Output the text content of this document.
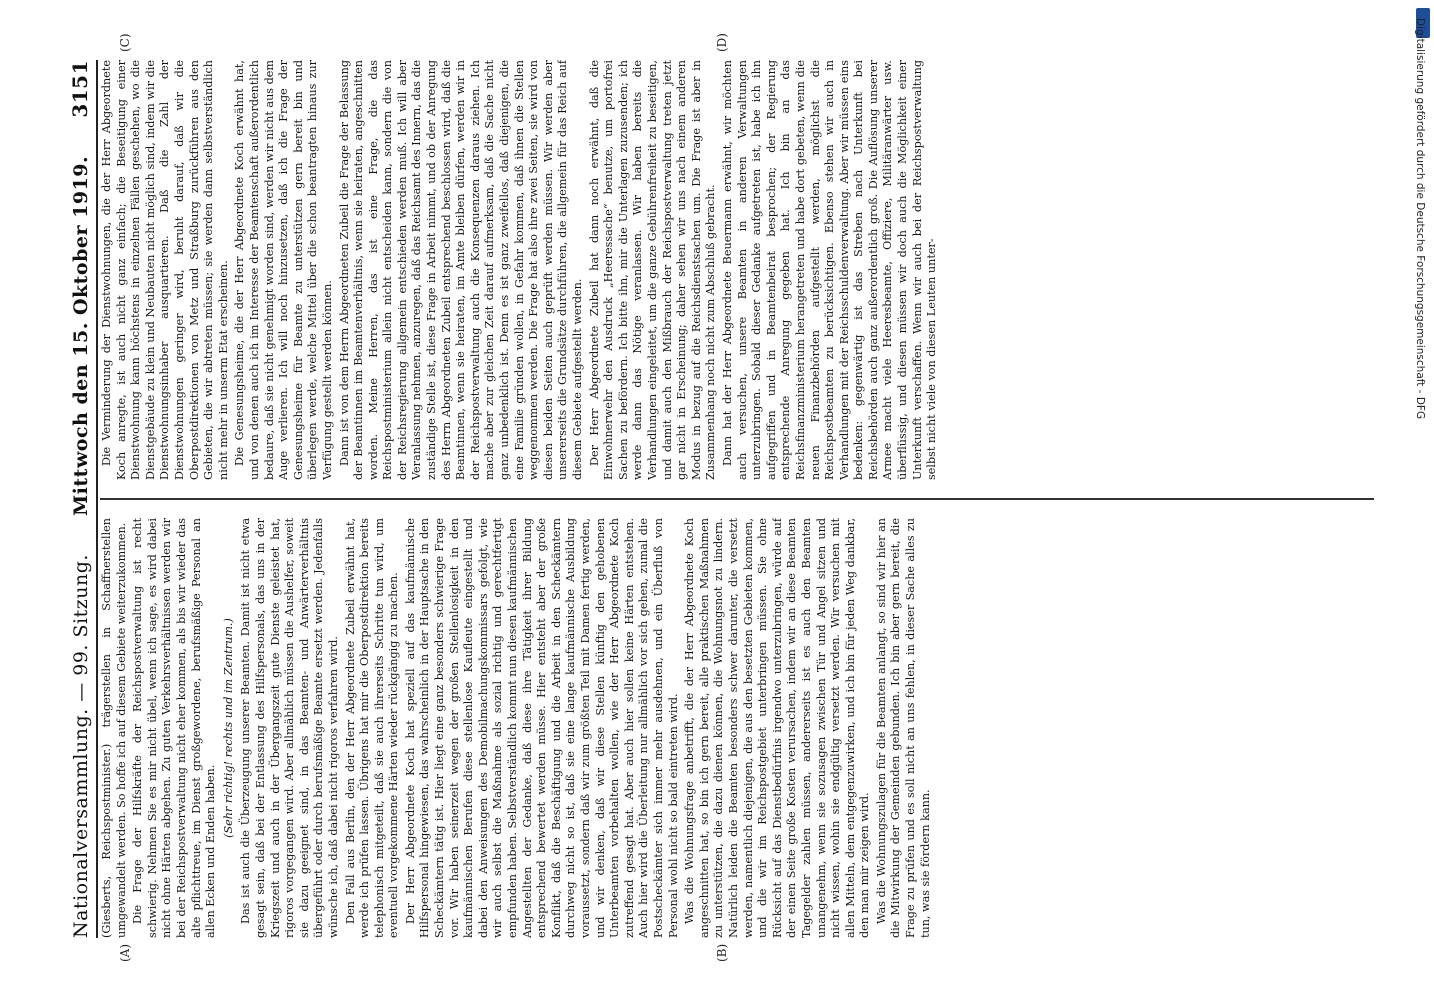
Nationalversammlung. — 99. Sitzung.
Mittwoch den 15. Oktober 1919.
3151
(A)	(B)
(C)	(D)

(Giesberts, Reichspostminister.) trägerstellen in Schaffnerstellen umgewandelt werden. So hoffe ich auf diesem Gebiete weiterzukommen. Die Frage der Hilfskräfte der Reichspostverwaltung ist recht schwierig. Nehmen Sie es mir nicht übel, wenn ich sage, es wird dabei nicht ohne Härten abgehen. Zu guten Verkehrsverhältnissen werden wir bei der Reichspostverwaltung nicht eher kommen, als bis wir wieder das alte pflichttreue, im Dienst großgewordene, berufsmäßige Personal an allen Ecken und Enden haben.

(Sehr richtig! rechts und im Zentrum.) Das ist auch die Überzeugung unserer Beamten. Damit ist nicht etwa gesagt sein, daß bei der Entlassung des Hilfspersonals, das uns in der Kriegszeit und auch in der Übergangszeit gute Dienste geleistet hat, rigoros vorgegangen wird. Aber allmählich müssen die Aushelfer, soweit sie dazu geeignet sind, in das Beamten- und Anwärterverhältnis übergeführt oder durch berufsmäßige Beamte ersetzt werden. Jedenfalls wünsche ich, daß dabei nicht rigoros verfahren wird. Den Fall aus Berlin, den der Herr Abgeordnete Zubeil erwähnt hat, werde ich prüfen lassen. Übrigens hat mir die Oberpostdirektion bereits telephonisch mitgeteilt, daß sie auch ihrerseits Schritte tun wird, um eventuell vorgekommene Härten wieder rückgängig zu machen. Der Herr Abgeordnete Koch hat speziell auf das kaufmännische Hilfspersonal hingewiesen, das wahrscheinlich in der Hauptsache in den Scheckämtern tätig ist. Hier liegt eine ganz besonders schwierige Frage vor. Wir haben seinerzeit wegen der großen Stellenlosigkeit in den kaufmännischen Berufen diese stellenlose Kaufleute eingestellt und dabei den Anweisungen des Demobilmachungskommissars gefolgt, wie wir auch selbst die Maßnahme als sozial richtig und gerechtfertigt empfunden haben. Selbstverständlich kommt nun diesen kaufmännischen Angestellten der Gedanke, daß diese ihre Tätigkeit ihrer Bildung entsprechend bewertet werden müsse. Hier entsteht aber der große Konflikt, daß die Beschäftigung und die Arbeit in den Scheckämtern durchweg nicht so ist, daß sie eine lange kaufmännische Ausbildung voraussetzt, sondern daß wir zum größten Teil mit Damen fertig werden, und wir denken, daß wir diese Stellen künftig den gehobenen Unterbeamten vorbehalten wollen, wie der Herr Abgeordnete Koch zutreffend gesagt hat. Aber auch hier sollen keine Härten entstehen. Auch hier wird die Überleitung nur allmählich vor sich gehen, zumal die Postscheckämter sich immer mehr ausdehnen, und ein Überfluß von Personal wohl nicht so bald eintreten wird. Was die Wohnungsfrage anbetrifft, die der Herr Abgeordnete Koch angeschnitten hat, so bin ich gern bereit, alle praktischen Maßnahmen zu unterstützen, die dazu dienen können, die Wohnungsnot zu lindern. Natürlich leiden die Beamten besonders schwer darunter, die versetzt werden, namentlich diejenigen, die aus den besetzten Gebieten kommen, und die wir im Reichspostgebiet unterbringen müssen. Sie ohne Rücksicht auf das Dienstbedürfnis irgendwo unterzubringen, würde auf der einen Seite große Kosten verursachen, indem wir an diese Beamten Tagegelder zahlen müssen, andererseits ist es auch den Beamten unangenehm, wenn sie sozusagen zwischen Tür und Angel sitzen und nicht wissen, wohin sie endgültig versetzt werden. Wir versuchen mit allen Mitteln, dem entgegenzuwirken, und ich bin für jeden Weg dankbar, den man mir zeigen wird. Was die Wohnungszulagen für die Beamten anlangt, so sind wir hier an die Mitwirkung der Gemeinden gebunden. Ich bin aber gern bereit, die Frage zu prüfen und es soll nicht an uns fehlen, in dieser Sache alles zu tun, was sie fördern kann.

Die Verminderung der Dienstwohnungen, die der Herr Abgeordnete Koch anregte, ist auch nicht ganz einfach; die Beseitigung einer Dienstwohnung kann höchstens in einzelnen Fällen geschehen, wo die Dienstgebäude zu klein und Neubauten nicht möglich sind, indem wir die Dienstwohnungsinhaber ausquartieren. Daß die Zahl der Dienstwohnungen geringer wird, beruht darauf, daß wir die Oberpostdirektionen von Metz und Straßburg zurückführen aus den Gebieten, die wir abtreten müssen; sie werden dann selbstverständlich nicht mehr in unserm Etat erscheinen. Die Genesungsheime, die der Herr Abgeordnete Koch erwähnt hat, und von denen auch ich im Interesse der Beamtenschaft außerordentlich bedaure, daß sie nicht genehmigt worden sind, werden wir nicht aus dem Auge verlieren. Ich will noch hinzusetzen, daß ich die Frage der Genesungsheime für Beamte zu unterstützen gern bereit bin und überlegen werde, welche Mittel über die schon beantragten hinaus zur Verfügung gestellt werden können. Dann ist von dem Herrn Abgeordneten Zubeil die Frage der Belassung der Beamtinnen im Beamtenverhältnis, wenn sie heiraten, angeschnitten worden. Meine Herren, das ist eine Frage, die das Reichspostministerium allein nicht entscheiden kann, sondern die von der Reichsregierung allgemein entschieden werden muß. Ich will aber Veranlassung nehmen, anzuregen, daß das Reichsamt des Innern, das die zuständige Stelle ist, diese Frage in Arbeit nimmt, und ob der Anregung des Herrn Abgeordneten Zubeil entsprechend beschlossen wird, daß die Beamtinnen, wenn sie heiraten, im Amte bleiben dürfen, werden wir in der Reichspostverwaltung auch die Konsequenzen daraus ziehen. Ich mache aber zur gleichen Zeit darauf aufmerksam, daß die Sache nicht ganz unbedenklich ist. Denn es ist ganz zweifellos, daß diejenigen, die eine Familie gründen wollen, in Gefahr kommen, daß ihnen die Stellen weggenommen werden. Die Frage hat also ihre zwei Seiten, sie wird von diesen beiden Seiten auch geprüft werden müssen. Wir werden aber unsererseits die Grundsätze durchführen, die allgemein für das Reich auf diesem Gebiete aufgestellt werden. Der Herr Abgeordnete Zubeil hat dann noch erwähnt, daß die Einwohnerwehr den Ausdruck „Heeressache“ benutze, um portofrei Sachen zu befördern. Ich bitte ihn, mir die Unterlagen zuzusenden; ich werde dann das Nötige veranlassen. Wir haben bereits die Verhandlungen eingeleitet, um die ganze Gebührenfreiheit zu beseitigen, und damit auch den Mißbrauch der Reichspostverwaltung treten jetzt gar nicht in Erscheinung; daher sehen wir uns nach einem anderen Modus in bezug auf die Reichsdienstsachen um. Die Frage ist aber in Zusammenhang noch nicht zum Abschluß gebracht. Dann hat der Herr Abgeordnete Beuermann erwähnt, wir möchten auch versuchen, unsere Beamten in anderen Verwaltungen unterzubringen. Sobald dieser Gedanke aufgetreten ist, habe ich ihn aufgegriffen und in Beamtenbeirat besprochen; der Regierung entsprechende Anregung gegeben hat. Ich bin an das Reichsfinanzministerium herangetreten und habe dort gebeten, wenn die neuen Finanzbehörden aufgestellt werden, möglichst die Reichspostbeamten zu berücksichtigen. Ebenso stehen wir auch in Verhandlungen mit der Reichsschuldenverwaltung. Aber wir müssen eins bedenken: gegenwärtig ist das Streben nach Unterkunft bei Reichsbehörden auch ganz außerordentlich groß. Die Auflösung unserer Armee macht viele Heeresbeamte, Offiziere, Militäranwärter usw. überflüssig, und diesen müssen wir doch auch die Möglichkeit einer Unterkunft verschaffen. Wenn wir auch bei der Reichspostverwaltung selbst nicht viele von diesen Leuten unter-	Digitalisierung gefördert durch die Deutsche Forschungsgemeinschaft - DFG
